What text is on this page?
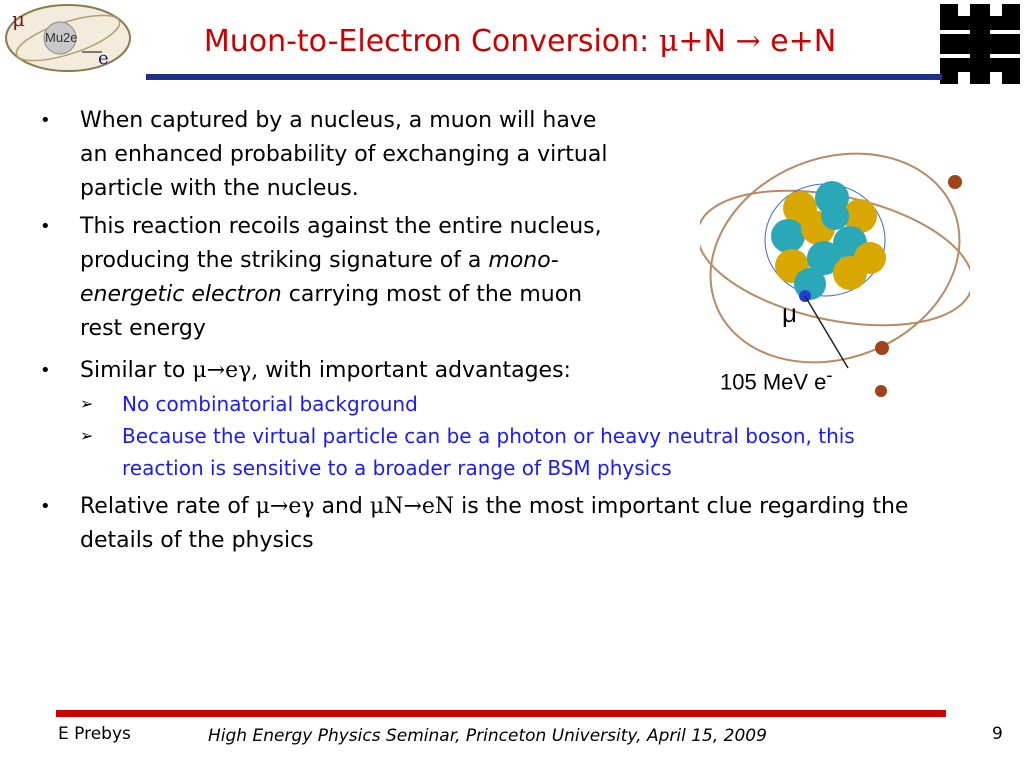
μ
Mu2e
e	Muon-to-Electron Conversion: μ+N → e+N
• When captured by a nucleus, a muon will have an enhanced probability of exchanging a virtual particle with the nucleus.
• This reaction recoils against the entire nucleus, producing the striking signature of a mono-energetic electron carrying most of the muon rest energy
• Similar to μ→eγ, with important advantages:
➢ No combinatorial background
➢ Because the virtual particle can be a photon or heavy neutral boson, this reaction is sensitive to a broader range of BSM physics
• Relative rate of μ→eγ and μN→eN is the most important clue regarding the details of the physics
μ
105 MeV e-
E Prebys	High Energy Physics Seminar, Princeton University, April 15, 2009	9
